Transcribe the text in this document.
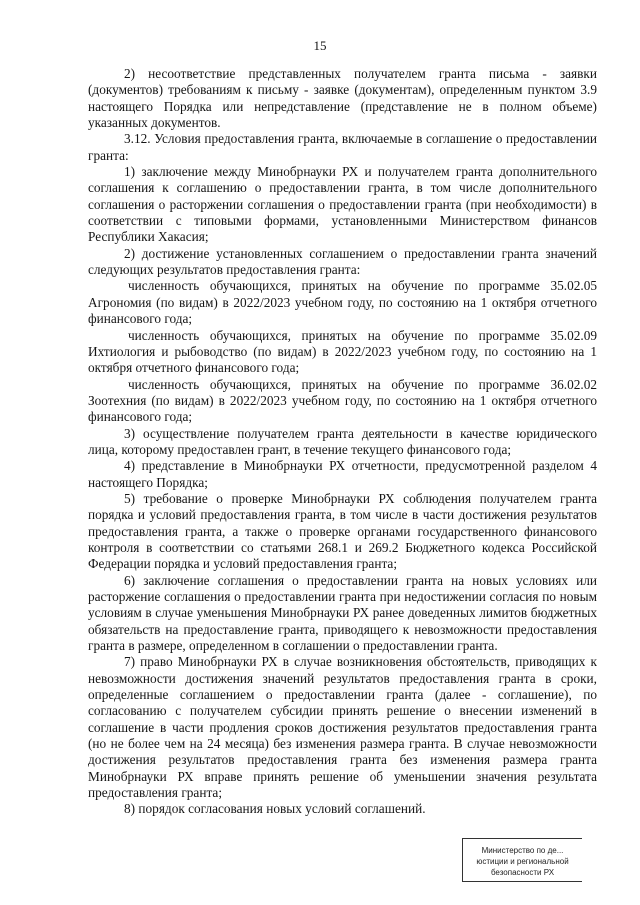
15

2) несоответствие представленных получателем гранта письма - заявки (документов) требованиям к письму - заявке (документам), определенным пунктом 3.9 настоящего Порядка или непредставление (представление не в полном объеме) указанных документов.

3.12. Условия предоставления гранта, включаемые в соглашение о предоставлении гранта:

1) заключение между Минобрнауки РХ и получателем гранта дополнительного соглашения к соглашению о предоставлении гранта, в том числе дополнительного соглашения о расторжении соглашения о предоставлении гранта (при необходимости) в соответствии с типовыми формами, установленными Министерством финансов Республики Хакасия;

2) достижение установленных соглашением о предоставлении гранта значений следующих результатов предоставления гранта:

численность обучающихся, принятых на обучение по программе 35.02.05 Агрономия (по видам) в 2022/2023 учебном году, по состоянию на 1 октября отчетного финансового года;

численность обучающихся, принятых на обучение по программе 35.02.09 Ихтиология и рыбоводство (по видам) в 2022/2023 учебном году, по состоянию на 1 октября отчетного финансового года;

численность обучающихся, принятых на обучение по программе 36.02.02 Зоотехния (по видам) в 2022/2023 учебном году, по состоянию на 1 октября отчетного финансового года;

3) осуществление получателем гранта деятельности в качестве юридического лица, которому предоставлен грант, в течение текущего финансового года;

4) представление в Минобрнауки РХ отчетности, предусмотренной разделом 4 настоящего Порядка;

5) требование о проверке Минобрнауки РХ соблюдения получателем гранта порядка и условий предоставления гранта, в том числе в части достижения результатов предоставления гранта, а также о проверке органами государственного финансового контроля в соответствии со статьями 268.1 и 269.2 Бюджетного кодекса Российской Федерации порядка и условий предоставления гранта;

6) заключение соглашения о предоставлении гранта на новых условиях или расторжение соглашения о предоставлении гранта при недостижении согласия по новым условиям в случае уменьшения Минобрнауки РХ ранее доведенных лимитов бюджетных обязательств на предоставление гранта, приводящего к невозможности предоставления гранта в размере, определенном в соглашении о предоставлении гранта.

7) право Минобрнауки РХ в случае возникновения обстоятельств, приводящих к невозможности достижения значений результатов предоставления гранта в сроки, определенные соглашением о предоставлении гранта (далее - соглашение), по согласованию с получателем субсидии принять решение о внесении изменений в соглашение в части продления сроков достижения результатов предоставления гранта (но не более чем на 24 месяца) без изменения размера гранта. В случае невозможности достижения результатов предоставления гранта без изменения размера гранта Минобрнауки РХ вправе принять решение об уменьшении значения результата предоставления гранта;

8) порядок согласования новых условий соглашений.

Министерство по де...
юстиции и региональной
безопасности РХ
